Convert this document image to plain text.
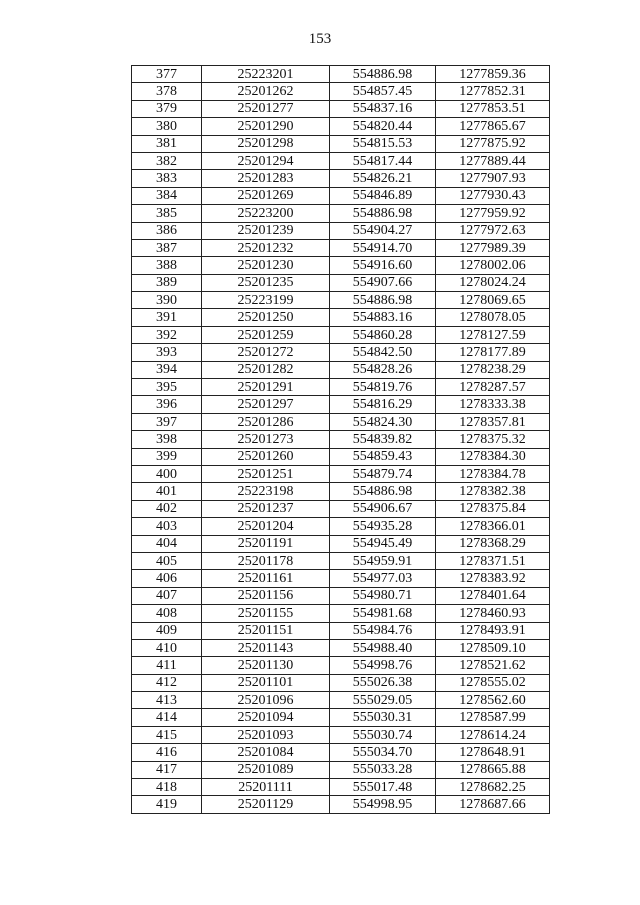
153
377	25223201	554886.98	1277859.36
378	25201262	554857.45	1277852.31
379	25201277	554837.16	1277853.51
380	25201290	554820.44	1277865.67
381	25201298	554815.53	1277875.92
382	25201294	554817.44	1277889.44
383	25201283	554826.21	1277907.93
384	25201269	554846.89	1277930.43
385	25223200	554886.98	1277959.92
386	25201239	554904.27	1277972.63
387	25201232	554914.70	1277989.39
388	25201230	554916.60	1278002.06
389	25201235	554907.66	1278024.24
390	25223199	554886.98	1278069.65
391	25201250	554883.16	1278078.05
392	25201259	554860.28	1278127.59
393	25201272	554842.50	1278177.89
394	25201282	554828.26	1278238.29
395	25201291	554819.76	1278287.57
396	25201297	554816.29	1278333.38
397	25201286	554824.30	1278357.81
398	25201273	554839.82	1278375.32
399	25201260	554859.43	1278384.30
400	25201251	554879.74	1278384.78
401	25223198	554886.98	1278382.38
402	25201237	554906.67	1278375.84
403	25201204	554935.28	1278366.01
404	25201191	554945.49	1278368.29
405	25201178	554959.91	1278371.51
406	25201161	554977.03	1278383.92
407	25201156	554980.71	1278401.64
408	25201155	554981.68	1278460.93
409	25201151	554984.76	1278493.91
410	25201143	554988.40	1278509.10
411	25201130	554998.76	1278521.62
412	25201101	555026.38	1278555.02
413	25201096	555029.05	1278562.60
414	25201094	555030.31	1278587.99
415	25201093	555030.74	1278614.24
416	25201084	555034.70	1278648.91
417	25201089	555033.28	1278665.88
418	25201111	555017.48	1278682.25
419	25201129	554998.95	1278687.66
